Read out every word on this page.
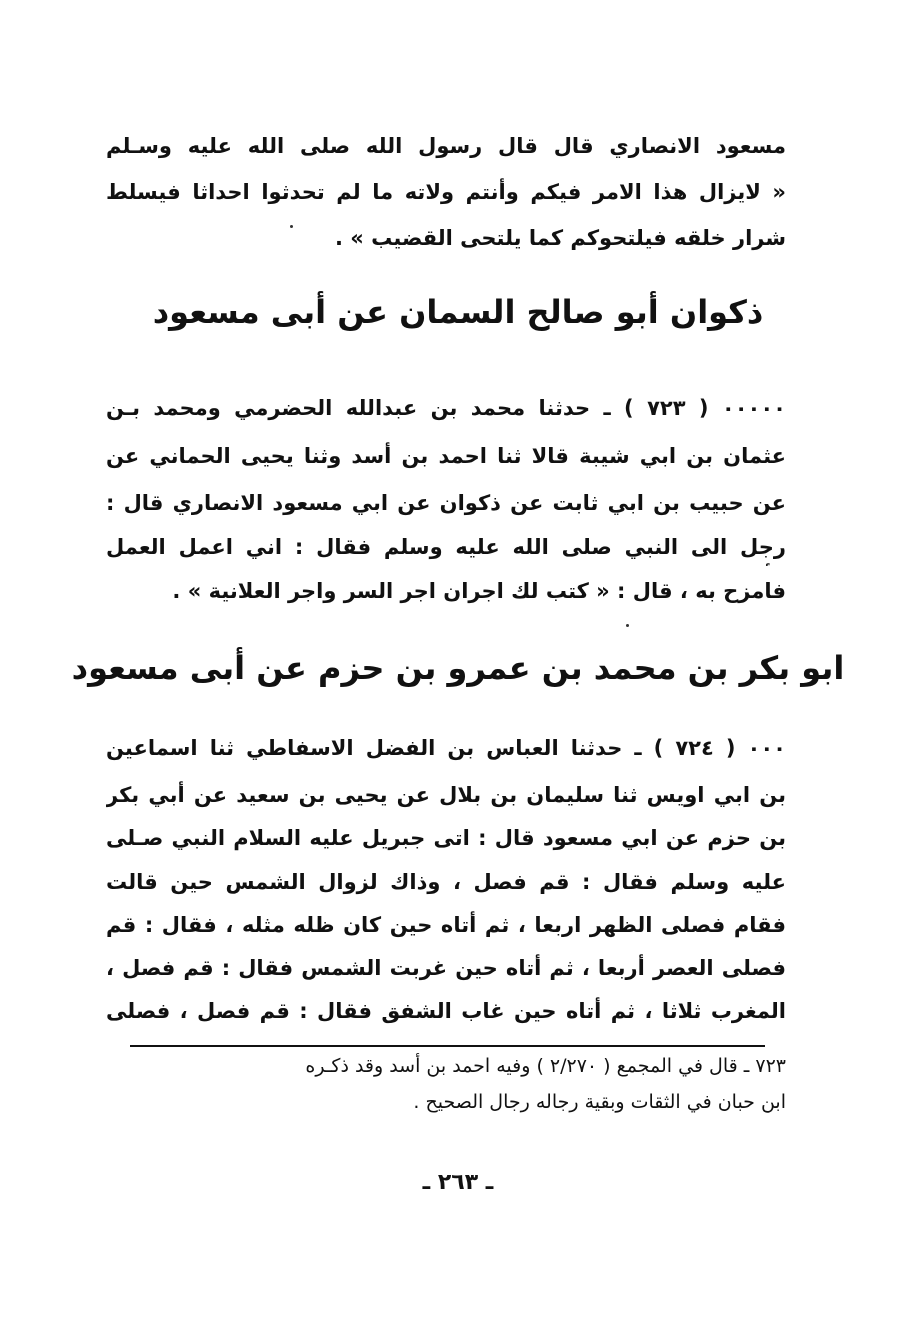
مسعود الانصاري قال قال رسول الله صلى الله عليه وسـلم
« لايزال هذا الامر فيكم وأنتم ولاته ما لم تحدثوا احداثا فيسلط
شرار خلقه فيلتحوكم كما يلتحى القضيب » .
ذكوان أبو صالح السمان عن أبى مسعود
٠٠٠٠٠ ( ٧٢٣ ) ـ حدثنا محمد بن عبدالله الحضرمي ومحمد بـن
عثمان بن ابي شيبة قالا ثنا احمد بن أسد وثنا يحيى الحماني عن
عن حبيب بن ابي ثابت عن ذكوان عن ابي مسعود الانصاري قال :
رجل الى النبي صلى الله عليه وسلم فقال : اني اعمل العمل
فامزح به ، قال : « كتب لك اجران اجر السر واجر العلانية » .
ابو بكر بن محمد بن عمرو بن حزم عن أبى مسعود
٠٠٠ ( ٧٢٤ ) ـ حدثنا العباس بن الفضل الاسفاطي ثنا اسماعين
بن ابي اويس ثنا سليمان بن بلال عن يحيى بن سعيد عن أبي بكر
بن حزم عن ابي مسعود قال : اتى جبريل عليه السلام النبي صـلى
عليه وسلم فقال : قم فصل ، وذاك لزوال الشمس حين قالت
فقام فصلى الظهر اربعا ، ثم أتاه حين كان ظله مثله ، فقال : قم
فصلى العصر أربعا ، ثم أتاه حين غربت الشمس فقال : قم فصل ،
المغرب ثلاثا ، ثم أتاه حين غاب الشفق فقال : قم فصل ، فصلى
٧٢٣ ـ قال في المجمع ( ٢/٢٧٠ ) وفيه احمد بن أسد وقد ذكـره
ابن حبان في الثقات وبقية رجاله رجال الصحيح .
ـ ٢٦٣ ـ
